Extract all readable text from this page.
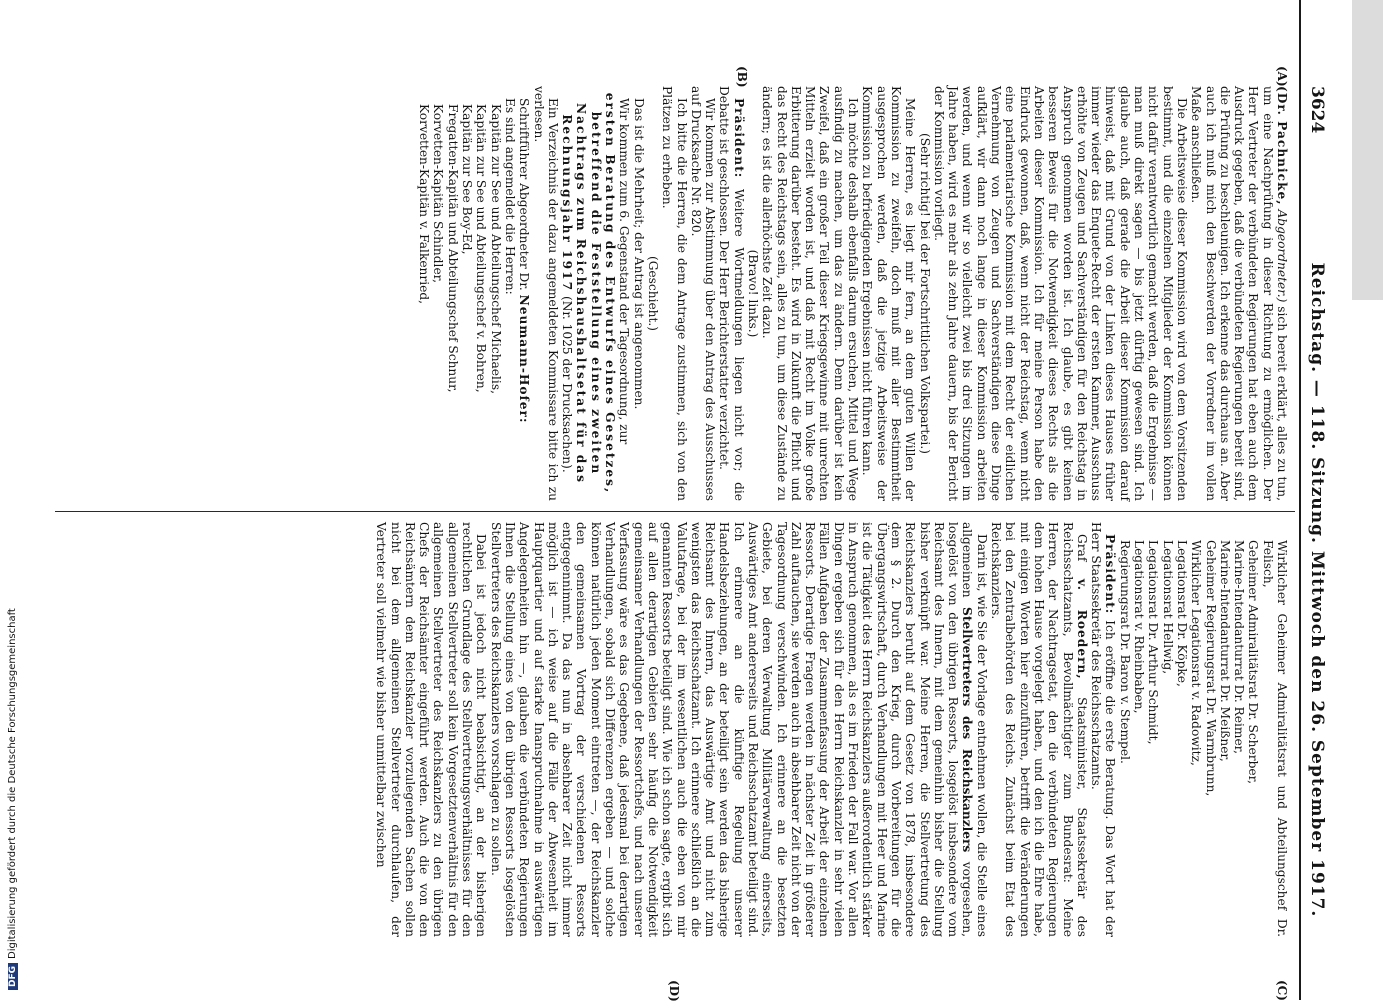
3624
Reichstag. — 118. Sitzung. Mittwoch den 26. September 1917.
(A)
(B)
(C)
(D)

(Dr. Pachnicke, Abgeordneter.) sich bereit erklärt, alles zu tun, um eine Nachprüfung in dieser Richtung zu ermöglichen. Der Herr Vertreter der verbündeten Regierungen hat eben auch dem Ausdruck gegeben, daß die verbündeten Regierungen bereit sind, die Prüfung zu beschleunigen. Ich erkenne das durchaus an. Aber auch ich muß mich den Beschwerden der Vorredner im vollen Maße anschließen.

Die Arbeitsweise dieser Kommission wird von dem Vorsitzenden bestimmt, und die einzelnen Mitglieder der Kommission können nicht dafür verantwortlich gemacht werden, daß die Ergebnisse — man muß direkt sagen — bis jetzt dürftig gewesen sind. Ich glaube auch, daß gerade die Arbeit dieser Kommission darauf hinweist, daß mit Grund von der Linken dieses Hauses früher immer wieder das Enquete-Recht der ersten Kammer, Ausschuss erhöhte von Zeugen und Sachverständigen für den Reichstag in Anspruch genommen worden ist. Ich glaube, es gibt keinen besseren Beweis für die Notwendigkeit dieses Rechts als die Arbeiten dieser Kommission. Ich für meine Person habe den Eindruck gewonnen, daß, wenn nicht der Reichstag, wenn nicht eine parlamentarische Kommission mit dem Recht der eidlichen Vernehmung von Zeugen und Sachverständigen diese Dinge aufklärt, wir dann noch lange in dieser Kommission arbeiten werden, und wenn wir so vielleicht zwei bis drei Sitzungen im Jahre haben, wird es mehr als zehn Jahre dauern, bis der Bericht der Kommission vorliegt.

(Sehr richtig! bei der Fortschrittlichen Volkspartei.)

Meine Herren, es liegt mir fern, an dem guten Willen der Kommission zu zweifeln, doch muß mit aller Bestimmtheit ausgesprochen werden, daß die jetzige Arbeitsweise der Kommission zu befriedigenden Ergebnissen nicht führen kann.

Ich möchte deshalb ebenfalls darum ersuchen, Mittel und Wege ausfindig zu machen, um das zu ändern. Denn darüber ist kein Zweifel, daß ein großer Teil dieser Kriegsgewinne mit unrechten Mitteln erzielt worden ist, und daß mit Recht im Volke große Erbitterung darüber besteht. Es wird in Zukunft die Pflicht und das Recht des Reichstags sein, alles zu tun, um diese Zustände zu ändern; es ist die allerhöchste Zeit dazu.

(Bravo! links.)

Präsident: Weitere Wortmeldungen liegen nicht vor; die Debatte ist geschlossen. Der Herr Berichterstatter verzichtet.

Wir kommen zur Abstimmung über den Antrag des Ausschusses auf Drucksache Nr. 820.

Ich bitte die Herren, die dem Antrage zustimmen, sich von den Plätzen zu erheben.

(Geschieht.)

Das ist die Mehrheit; der Antrag ist angenommen.

Wir kommen zum 6. Gegenstand der Tagesordnung, zur

ersten Beratung des Entwurfs eines Gesetzes, betreffend die Feststellung eines zweiten Nachtrags zum Reichshaushaltsetat für das Rechnungsjahr 1917 (Nr. 1025 der Drucksachen).

Ein Verzeichnis der dazu angemeldeten Kommissare bitte ich zu verlesen.

Schriftführer Abgeordneter Dr. Neumann-Hofer:

Es sind angemeldet die Herren:

Kapitän zur See und Abteilungschef Michaelis,

Kapitän zur See und Abteilungschef v. Bohren,

Kapitän zur See Boy-Ed,

Fregatten-Kapitän und Abteilungschef Schnur,

Korvetten-Kapitän Schindler,

Korvetten-Kapitän v. Falkenried,

Wirklicher Geheimer Admiralitätsrat und Abteilungschef Dr. Felisch,

Geheimer Admiralitätsrat Dr. Scherber,

Marine-Intendanturrat Dr. Reimer,

Marine-Intendanturrat Dr. Meißner,

Geheimer Regierungsrat Dr. Warmbrunn,

Wirklicher Legationsrat v. Radowitz,

Legationsrat Dr. Köpke,

Legationsrat Hellwig,

Legationsrat Dr. Arthur Schmidt,

Legationsrat v. Rheinbaben,

Regierungsrat Dr. Baron v. Stempel.

Präsident: Ich eröffne die erste Beratung. Das Wort hat der Herr Staatssekretär des Reichsschatzamts.

Graf v. Roedern, Staatsminister, Staatssekretär des Reichsschatzamts, Bevollmächtigter zum Bundesrat: Meine Herren, der Nachtragsetat, den die verbündeten Regierungen dem hohen Hause vorgelegt haben, und den ich die Ehre habe, mit einigen Worten hier einzuführen, betrifft die Veränderungen bei den Zentralbehörden des Reichs. Zunächst beim Etat des Reichskanzlers.

Darin ist, wie Sie der Vorlage entnehmen wollen, die Stelle eines allgemeinen Stellvertreters des Reichskanzlers vorgesehen, losgelöst von den übrigen Ressorts, losgelöst insbesondere vom Reichsamt des Innern, mit dem gemeinhin bisher die Stellung bisher verknüpft war. Meine Herren, die Stellvertretung des Reichskanzlers beruht auf dem Gesetz von 1878, insbesondere dem § 2. Durch den Krieg, durch Vorbereitungen für die Übergangswirtschaft, durch Verhandlungen mit Heer und Marine ist die Tätigkeit des Herrn Reichskanzlers außerordentlich stärker in Anspruch genommen, als es im Frieden der Fall war. Vor allen Dingen ergeben sich für den Herrn Reichskanzler in sehr vielen Fällen Aufgaben der Zusammenfassung der Arbeit der einzelnen Ressorts. Derartige Fragen werden in nächster Zeit in größerer Zahl auftauchen, sie werden auch in absehbarer Zeit nicht von der Tagesordnung verschwinden. Ich erinnere an die besetzten Gebiete, bei deren Verwaltung Militärverwaltung einerseits, Auswärtiges Amt andererseits und Reichsschatzamt beteiligt sind. Ich erinnere an die künftige Regelung unserer Handelsbeziehungen, an der beteiligt sein werden das bisherige Reichsamt des Innern, das Auswärtige Amt und nicht zum wenigsten das Reichsschatzamt. Ich erinnere schließlich an die Valutafrage, bei der im wesentlichen auch die eben von mir genannten Ressorts beteiligt sind. Wie ich schon sagte, ergibt sich auf allen derartigen Gebieten sehr häufig die Notwendigkeit gemeinsamer Verhandlungen der Ressortchefs, und nach unserer Verfassung wäre es das Gegebene, daß jedesmal bei derartigen Verhandlungen, sobald sich Differenzen ergeben — und solche können natürlich jeden Moment eintreten —, der Reichskanzler den gemeinsamen Vortrag der verschiedenen Ressorts entgegennimmt. Da das nun in absehbarer Zeit nicht immer möglich ist — ich weise auf die Fälle der Abwesenheit im Hauptquartier und auf starke Inanspruchnahme in auswärtigen Angelegenheiten hin —, glauben die verbündeten Regierungen Ihnen die Stellung eines von den übrigen Ressorts losgelösten Stellvertreters des Reichskanzlers vorschlagen zu sollen.

Dabei ist jedoch nicht beabsichtigt, an der bisherigen rechtlichen Grundlage des Stellvertretungsverhältnisses für den allgemeinen Stellvertreter soll kein Vorgesetztenverhältnis für den allgemeinen Stellvertreter des Reichskanzlers zu den übrigen Chefs der Reichsämter eingeführt werden. Auch die von den Reichsämtern dem Reichskanzler vorzulegenden Sachen sollen nicht bei dem allgemeinen Stellvertreter durchlaufen, der Vertreter soll vielmehr wie bisher unmittelbar zwischen

DFGDigitalisierung gefördert durch die Deutsche Forschungsgemeinschaft
